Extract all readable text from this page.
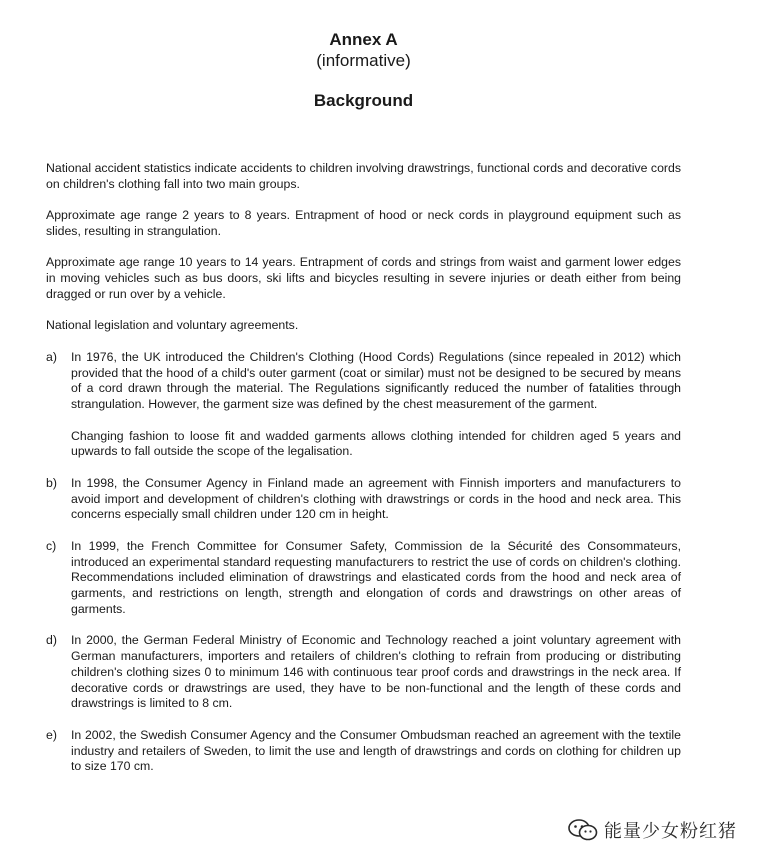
Annex A
(informative)
Background

National accident statistics indicate accidents to children involving drawstrings, functional cords and decorative cords on children's clothing fall into two main groups.

Approximate age range 2 years to 8 years. Entrapment of hood or neck cords in playground equipment such as slides, resulting in strangulation.

Approximate age range 10 years to 14 years. Entrapment of cords and strings from waist and garment lower edges in moving vehicles such as bus doors, ski lifts and bicycles resulting in severe injuries or death either from being dragged or run over by a vehicle.

National legislation and voluntary agreements.

a)	In 1976, the UK introduced the Children's Clothing (Hood Cords) Regulations (since repealed in 2012) which provided that the hood of a child's outer garment (coat or similar) must not be designed to be secured by means of a cord drawn through the material. The Regulations significantly reduced the number of fatalities through strangulation. However, the garment size was defined by the chest measurement of the garment.

Changing fashion to loose fit and wadded garments allows clothing intended for children aged 5 years and upwards to fall outside the scope of the legalisation.

b)	In 1998, the Consumer Agency in Finland made an agreement with Finnish importers and manufacturers to avoid import and development of children's clothing with drawstrings or cords in the hood and neck area. This concerns especially small children under 120 cm in height.

c)	In 1999, the French Committee for Consumer Safety, Commission de la Sécurité des Consommateurs, introduced an experimental standard requesting manufacturers to restrict the use of cords on children's clothing. Recommendations included elimination of drawstrings and elasticated cords from the hood and neck area of garments, and restrictions on length, strength and elongation of cords and drawstrings on other areas of garments.

d)	In 2000, the German Federal Ministry of Economic and Technology reached a joint voluntary agreement with German manufacturers, importers and retailers of children's clothing to refrain from producing or distributing children's clothing sizes 0 to minimum 146 with continuous tear proof cords and drawstrings in the neck area. If decorative cords or drawstrings are used, they have to be non-functional and the length of these cords and drawstrings is limited to 8 cm.

e)	In 2002, the Swedish Consumer Agency and the Consumer Ombudsman reached an agreement with the textile industry and retailers of Sweden, to limit the use and length of drawstrings and cords on clothing for children up to size 170 cm.

能量少女粉红猪
